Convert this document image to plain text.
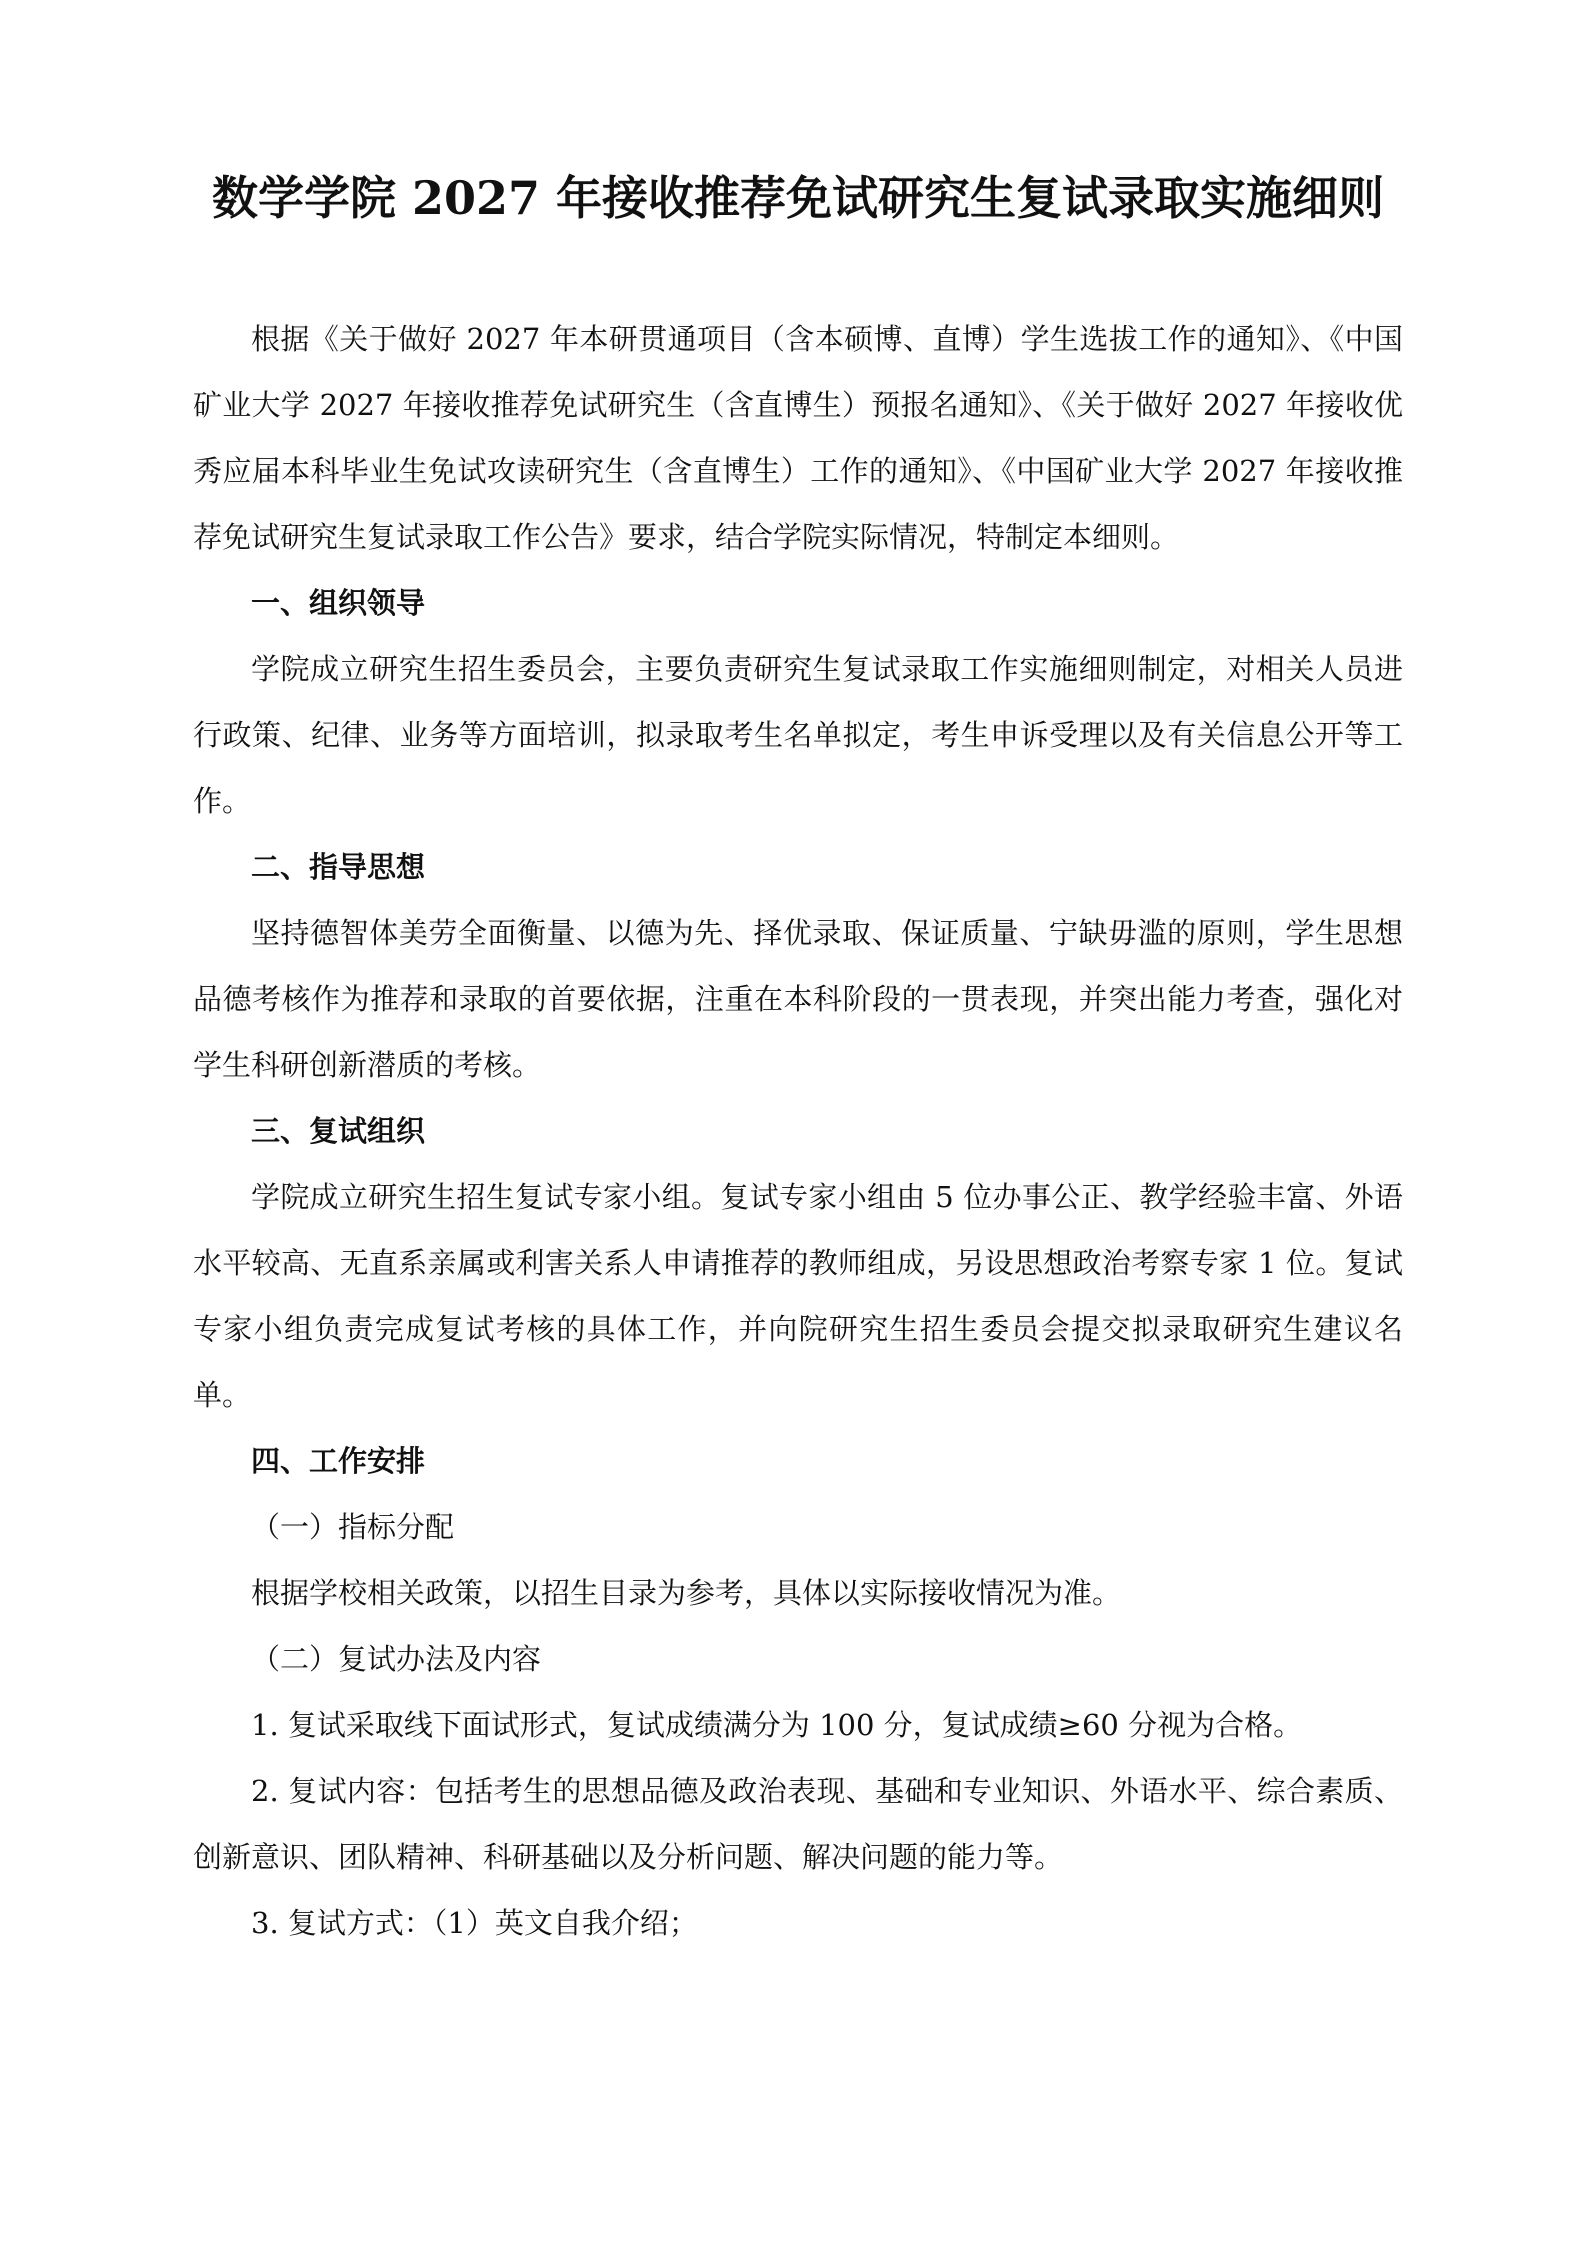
数学学院 2027 年接收推荐免试研究生复试录取实施细则

根据《关于做好 2027 年本研贯通项目（含本硕博、直博）学生选拔工作的通知》、《中国矿业大学 2027 年接收推荐免试研究生（含直博生）预报名通知》、《关于做好 2027 年接收优秀应届本科毕业生免试攻读研究生（含直博生）工作的通知》、《中国矿业大学 2027 年接收推荐免试研究生复试录取工作公告》要求，结合学院实际情况，特制定本细则。

一、组织领导

学院成立研究生招生委员会，主要负责研究生复试录取工作实施细则制定，对相关人员进行政策、纪律、业务等方面培训，拟录取考生名单拟定，考生申诉受理以及有关信息公开等工作。

二、指导思想

坚持德智体美劳全面衡量、以德为先、择优录取、保证质量、宁缺毋滥的原则，学生思想品德考核作为推荐和录取的首要依据，注重在本科阶段的一贯表现，并突出能力考查，强化对学生科研创新潜质的考核。

三、复试组织

学院成立研究生招生复试专家小组。复试专家小组由 5 位办事公正、教学经验丰富、外语水平较高、无直系亲属或利害关系人申请推荐的教师组成，另设思想政治考察专家 1 位。复试专家小组负责完成复试考核的具体工作，并向院研究生招生委员会提交拟录取研究生建议名单。

四、工作安排

（一）指标分配

根据学校相关政策，以招生目录为参考，具体以实际接收情况为准。

（二）复试办法及内容

1. 复试采取线下面试形式，复试成绩满分为 100 分，复试成绩≥60 分视为合格。

2. 复试内容：包括考生的思想品德及政治表现、基础和专业知识、外语水平、综合素质、创新意识、团队精神、科研基础以及分析问题、解决问题的能力等。

3. 复试方式：（1）英文自我介绍；
